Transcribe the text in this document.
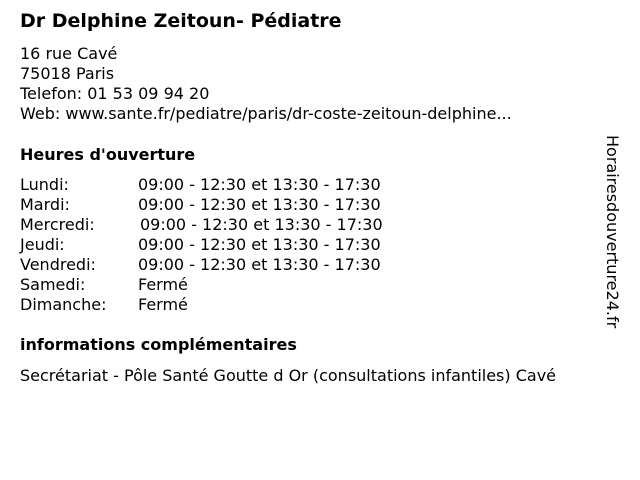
Dr Delphine Zeitoun- Pédiatre
16 rue Cavé
75018 Paris
Telefon: 01 53 09 94 20
Web: www.sante.fr/pediatre/paris/dr-coste-zeitoun-delphine...
Heures d'ouverture
Lundi:	09:00 - 12:30 et 13:30 - 17:30
Mardi:	09:00 - 12:30 et 13:30 - 17:30
Mercredi:	09:00 - 12:30 et 13:30 - 17:30
Jeudi:	09:00 - 12:30 et 13:30 - 17:30
Vendredi:	09:00 - 12:30 et 13:30 - 17:30
Samedi:	Fermé
Dimanche: Fermé
informations complémentaires
Secrétariat - Pôle Santé Goutte d Or (consultations infantiles) Cavé
Horairesdouverture24.fr
